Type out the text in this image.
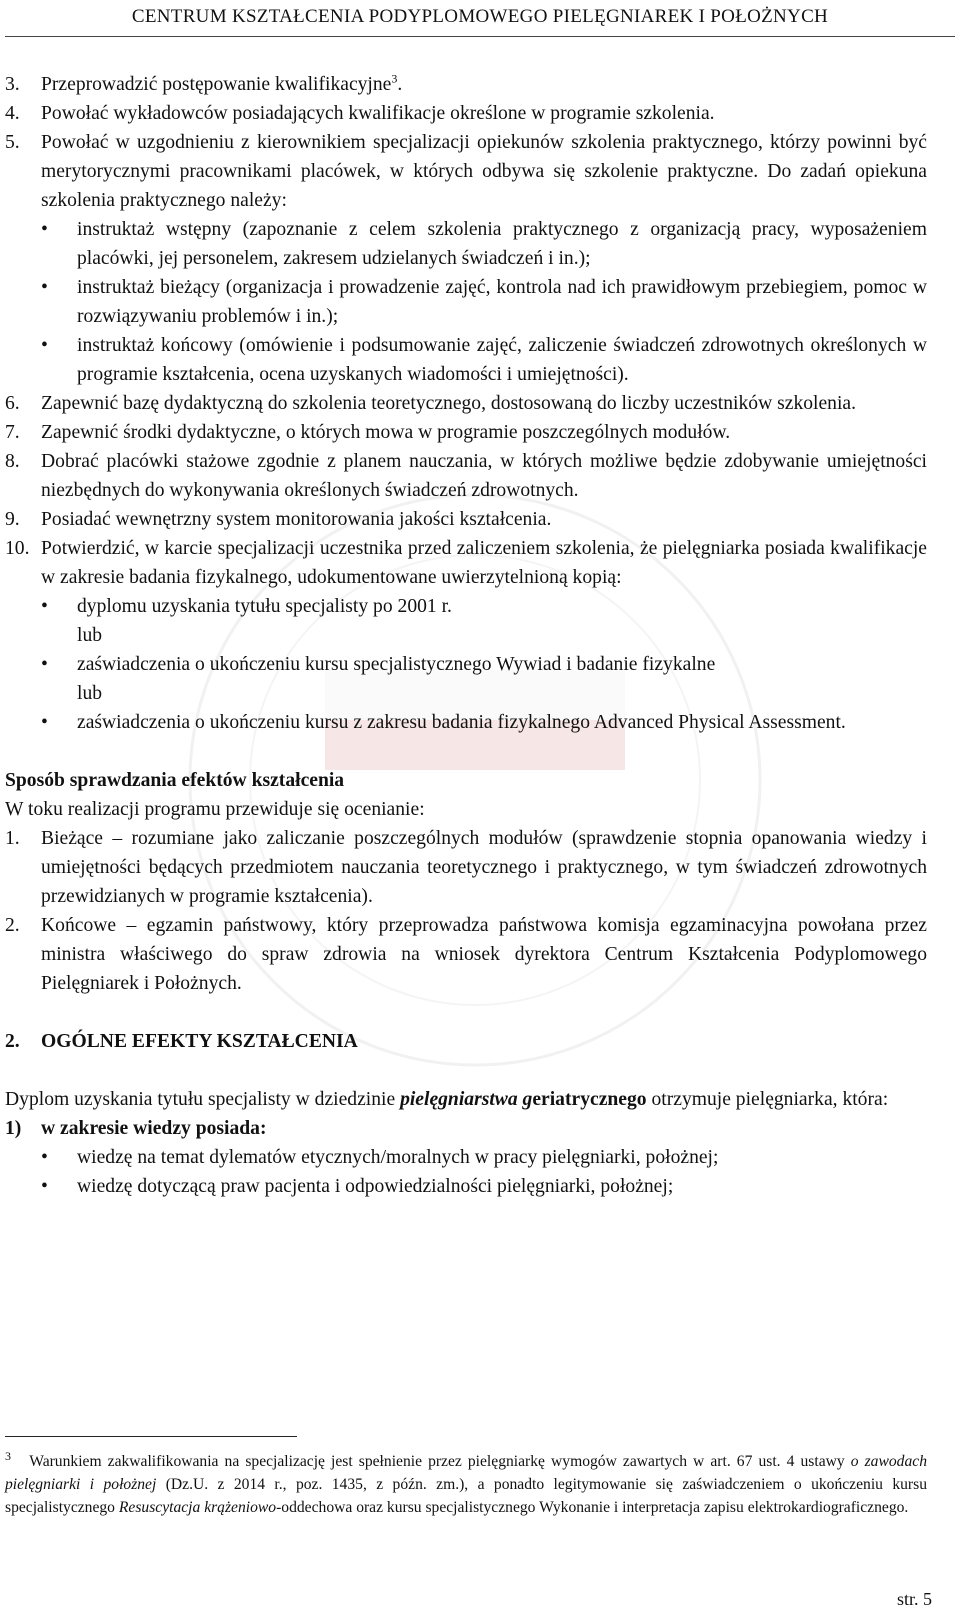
CENTRUM KSZTAŁCENIA PODYPLOMOWEGO PIELĘGNIAREK I POŁOŻNYCH
3.	Przeprowadzić postępowanie kwalifikacyjne$^3$.
4.	Powołać wykładowców posiadających kwalifikacje określone w programie szkolenia.
5.	Powołać w uzgodnieniu z kierownikiem specjalizacji opiekunów szkolenia praktycznego, którzy powinni być merytorycznymi pracownikami placówek, w których odbywa się szkolenie praktyczne. Do zadań opiekuna szkolenia praktycznego należy:
•	instruktaż wstępny (zapoznanie z celem szkolenia praktycznego z organizacją pracy, wyposażeniem placówki, jej personelem, zakresem udzielanych świadczeń i in.);
•	instruktaż bieżący (organizacja i prowadzenie zajęć, kontrola nad ich prawidłowym przebiegiem, pomoc w rozwiązywaniu problemów i in.);
•	instruktaż końcowy (omówienie i podsumowanie zajęć, zaliczenie świadczeń zdrowotnych określonych w programie kształcenia, ocena uzyskanych wiadomości i umiejętności).
6.	Zapewnić bazę dydaktyczną do szkolenia teoretycznego, dostosowaną do liczby uczestników szkolenia.
7.	Zapewnić środki dydaktyczne, o których mowa w programie poszczególnych modułów.
8.	Dobrać placówki stażowe zgodnie z planem nauczania, w których możliwe będzie zdobywanie umiejętności niezbędnych do wykonywania określonych świadczeń zdrowotnych.
9.	Posiadać wewnętrzny system monitorowania jakości kształcenia.
10. Potwierdzić, w karcie specjalizacji uczestnika przed zaliczeniem szkolenia, że pielęgniarka posiada kwalifikacje w zakresie badania fizykalnego, udokumentowane uwierzytelnioną kopią:
•	dyplomu uzyskania tytułu specjalisty po 2001 r.
lub
•	zaświadczenia o ukończeniu kursu specjalistycznego Wywiad i badanie fizykalne
lub
•	zaświadczenia o ukończeniu kursu z zakresu badania fizykalnego Advanced Physical Assessment.
Sposób sprawdzania efektów kształcenia
W toku realizacji programu przewiduje się ocenianie:
1.	Bieżące – rozumiane jako zaliczanie poszczególnych modułów (sprawdzenie stopnia opanowania wiedzy i umiejętności będących przedmiotem nauczania teoretycznego i praktycznego, w tym świadczeń zdrowotnych przewidzianych w programie kształcenia).
2.	Końcowe – egzamin państwowy, który przeprowadza państwowa komisja egzaminacyjna powołana przez ministra właściwego do spraw zdrowia na wniosek dyrektora Centrum Kształcenia Podyplomowego Pielęgniarek i Położnych.
2.	OGÓLNE EFEKTY KSZTAŁCENIA
Dyplom uzyskania tytułu specjalisty w dziedzinie pielęgniarstwa geriatrycznego otrzymuje pielęgniarka, która:
1)	w zakresie wiedzy posiada:
•	wiedzę na temat dylematów etycznych/moralnych w pracy pielęgniarki, położnej;
•	wiedzę dotyczącą praw pacjenta i odpowiedzialności pielęgniarki, położnej;
$^3$ Warunkiem zakwalifikowania na specjalizację jest spełnienie przez pielęgniarkę wymogów zawartych w art. 67 ust. 4 ustawy o zawodach pielęgniarki i położnej (Dz.U. z 2014 r., poz. 1435, z późn. zm.), a ponadto legitymowanie się zaświadczeniem o ukończeniu kursu specjalistycznego Resuscytacja krążeniowo-oddechowa oraz kursu specjalistycznego Wykonanie i interpretacja zapisu elektrokardiograficznego.
str. 5
